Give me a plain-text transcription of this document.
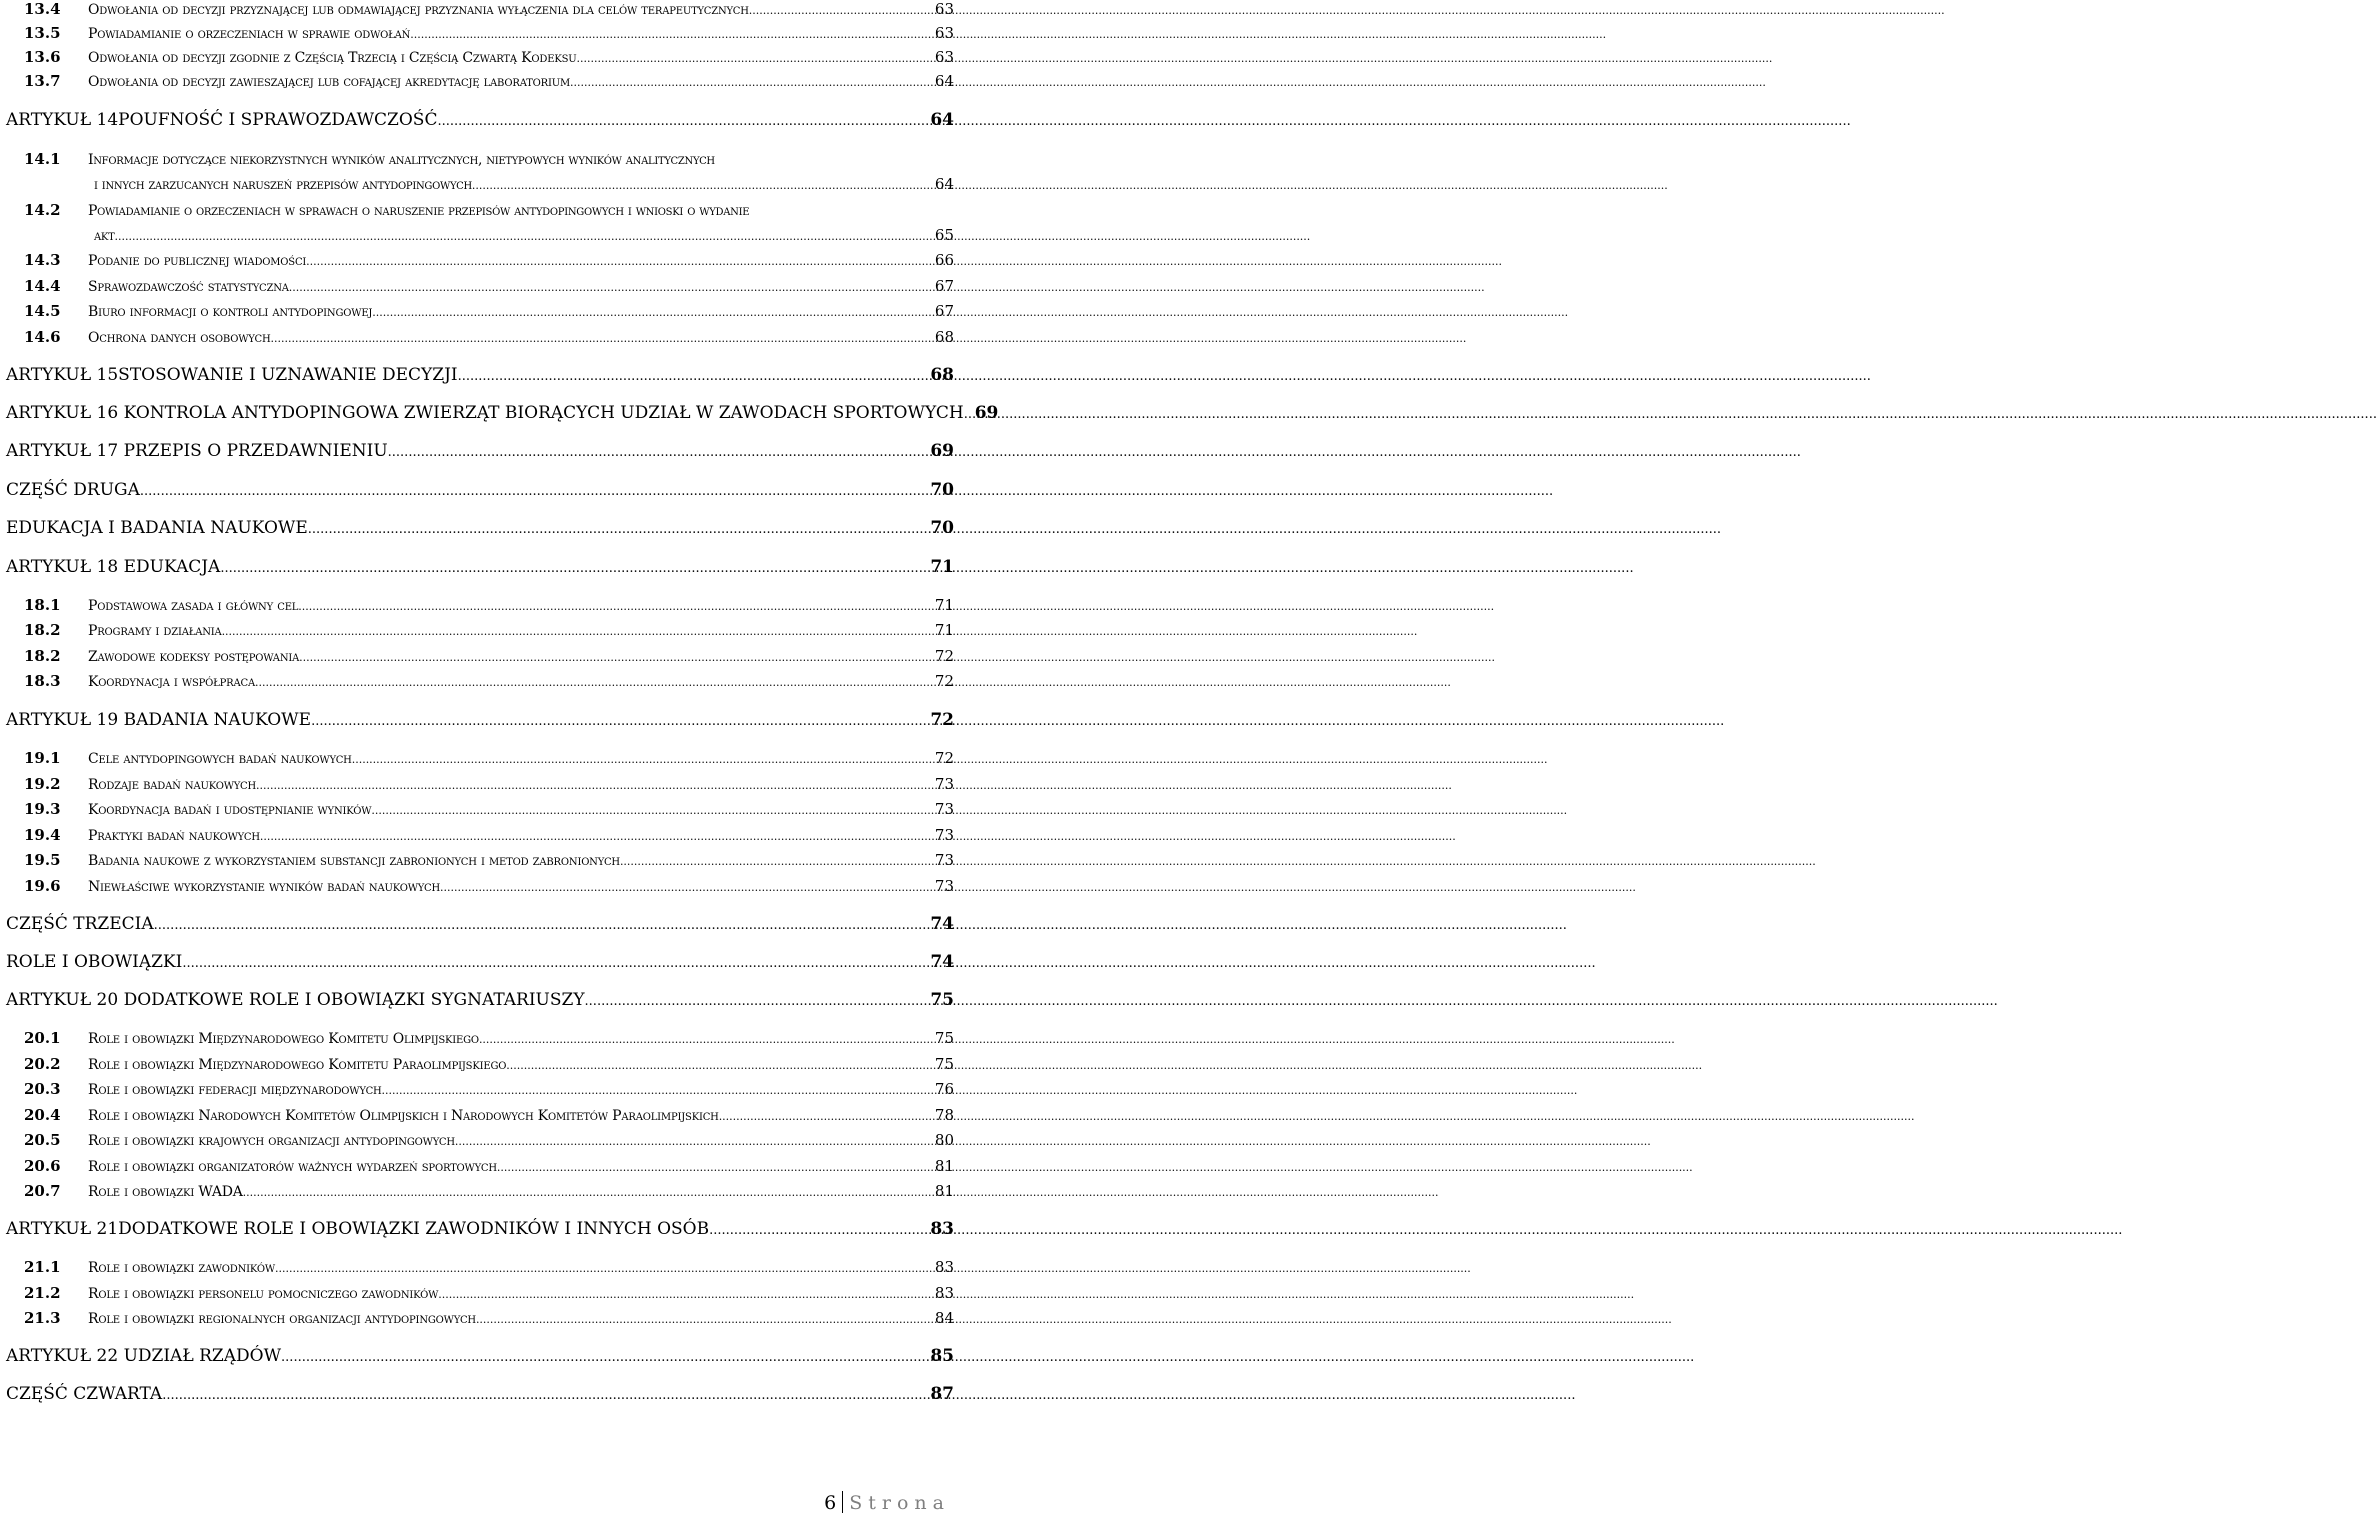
13.4	Odwołania od decyzji przyznającej lub odmawiającej przyznania wyłączenia dla celów terapeutycznych .....	63
13.5	Powiadamianie o orzeczeniach w sprawie odwołań .....	63
13.6	Odwołania od decyzji zgodnie z Częścią Trzecią i Częścią Czwartą Kodeksu .....	63
13.7	Odwołania od decyzji zawieszającej lub cofającej akredytację laboratorium .....	64
ARTYKUŁ 14 POUFNOŚĆ I SPRAWOZDAWCZOŚĆ .....	64
14.1	Informacje dotyczące niekorzystnych wyników analitycznych, nietypowych wyników analitycznych
i innych zarzucanych naruszeń przepisów antydopingowych .....	64
14.2	Powiadamianie o orzeczeniach w sprawach o naruszenie przepisów antydopingowych i wnioski o wydanie
akt .....	65
14.3	Podanie do publicznej wiadomości .....	66
14.4	Sprawozdawczość statystyczna .....	67
14.5	Biuro informacji o kontroli antydopingowej .....	67
14.6	Ochrona danych osobowych .....	68
ARTYKUŁ 15 STOSOWANIE I UZNAWANIE DECYZJI .....	68
ARTYKUŁ 16 KONTROLA ANTYDOPINGOWA ZWIERZĄT BIORĄCYCH UDZIAŁ W ZAWODACH SPORTOWYCH ..... 69
ARTYKUŁ 17 PRZEPIS O PRZEDAWNIENIU .....	69
CZĘŚĆ DRUGA .....	70
EDUKACJA I BADANIA NAUKOWE .....	70
ARTYKUŁ 18 EDUKACJA .....	71
18.1	Podstawowa zasada i główny cel .....	71
18.2	Programy i działania .....	71
18.2	Zawodowe kodeksy postępowania .....	72
18.3	Koordynacja i współpraca .....	72
ARTYKUŁ 19 BADANIA NAUKOWE .....	72
19.1	Cele antydopingowych badań naukowych .....	72
19.2	Rodzaje badań naukowych .....	73
19.3	Koordynacja badań i udostępnianie wyników .....	73
19.4	Praktyki badań naukowych .....	73
19.5	Badania naukowe z wykorzystaniem substancji zabronionych i metod zabronionych .....	73
19.6	Niewłaściwe wykorzystanie wyników badań naukowych .....	73
CZĘŚĆ TRZECIA .....	74
ROLE I OBOWIĄZKI .....	74
ARTYKUŁ 20 DODATKOWE ROLE I OBOWIĄZKI SYGNATARIUSZY .....	75
20.1	Role i obowiązki Międzynarodowego Komitetu Olimpijskiego .....	75
20.2	Role i obowiązki Międzynarodowego Komitetu Paraolimpijskiego .....	75
20.3	Role i obowiązki federacji międzynarodowych .....	76
20.4	Role i obowiązki Narodowych Komitetów Olimpijskich i Narodowych Komitetów Paraolimpijskich .....	78
20.5	Role i obowiązki krajowych organizacji antydopingowych .....	80
20.6	Role i obowiązki organizatorów ważnych wydarzeń sportowych .....	81
20.7	Role i obowiązki WADA .....	81
ARTYKUŁ 21 DODATKOWE ROLE I OBOWIĄZKI ZAWODNIKÓW I INNYCH OSÓB .....	83
21.1	Role i obowiązki zawodników .....	83
21.2	Role i obowiązki personelu pomocniczego zawodników .....	83
21.3	Role i obowiązki regionalnych organizacji antydopingowych .....	84
ARTYKUŁ 22 UDZIAŁ RZĄDÓW .....	85
CZĘŚĆ CZWARTA .....	87
6 Strona
